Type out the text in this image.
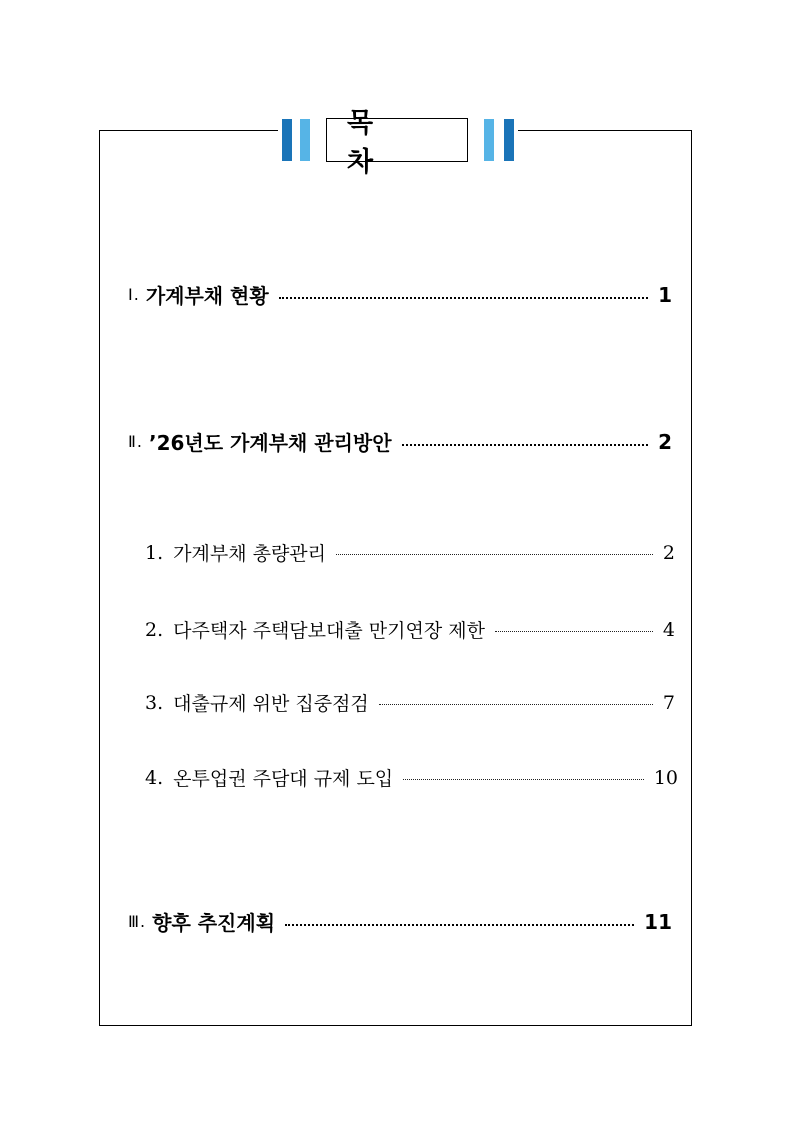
목 차
Ⅰ. 가계부채 현황	1
Ⅱ. ’26년도 가계부채 관리방안	2
1. 가계부채 총량관리	2
2. 다주택자 주택담보대출 만기연장 제한	4
3. 대출규제 위반 집중점검	7
4. 온투업권 주담대 규제 도입	10
Ⅲ. 향후 추진계획	11
